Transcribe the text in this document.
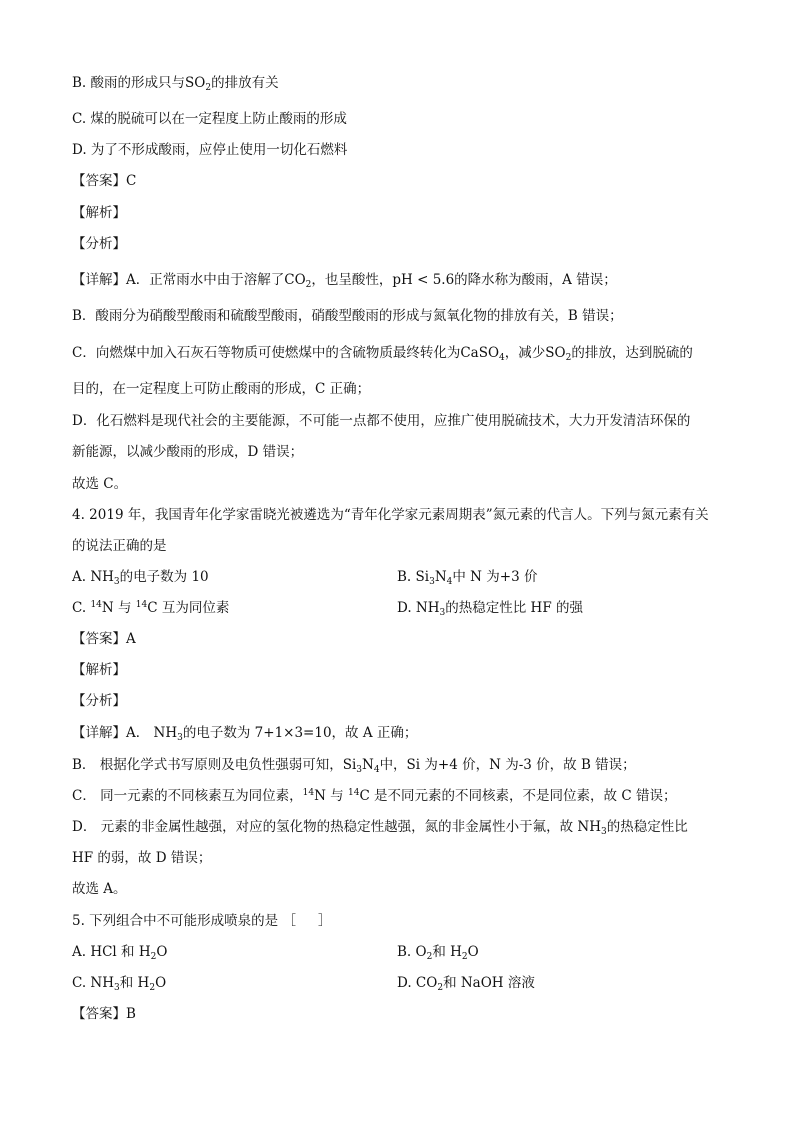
B. 酸雨的形成只与$SO_2$的排放有关
C. 煤的脱硫可以在一定程度上防止酸雨的形成
D. 为了不形成酸雨，应停止使用一切化石燃料
【答案】C
【解析】
【分析】
【详解】A．正常雨水中由于溶解了$CO_2$，也呈酸性，pH < 5.6的降水称为酸雨，A 错误；
B．酸雨分为硝酸型酸雨和硫酸型酸雨，硝酸型酸雨的形成与氮氧化物的排放有关，B 错误；
C．向燃煤中加入石灰石等物质可使燃煤中的含硫物质最终转化为CaSO$_4$，减少$SO_2$的排放，达到脱硫的
目的，在一定程度上可防止酸雨的形成，C 正确；
D．化石燃料是现代社会的主要能源，不可能一点都不使用，应推广使用脱硫技术，大力开发清洁环保的
新能源，以减少酸雨的形成，D 错误；
故选 C。
4. 2019 年，我国青年化学家雷晓光被遴选为“青年化学家元素周期表”氮元素的代言人。下列与氮元素有关
的说法正确的是
A. $NH_3$的电子数为 10	B. $Si_3N_4$中 N 为+3 价
C. $^{14}$N 与 $^{14}$C 互为同位素	D. $NH_3$的热稳定性比 HF 的强
【答案】A
【解析】
【分析】
【详解】A． $NH_3$的电子数为 7+1×3=10，故 A 正确；
B． 根据化学式书写原则及电负性强弱可知，$Si_3N_4$中，Si 为+4 价，N 为-3 价，故 B 错误；
C． 同一元素的不同核素互为同位素，$^{14}$N 与 $^{14}$C 是不同元素的不同核素，不是同位素，故 C 错误；
D． 元素的非金属性越强，对应的氢化物的热稳定性越强，氮的非金属性小于氟，故 $NH_3$的热稳定性比
HF 的弱，故 D 错误；
故选 A。
5. 下列组合中不可能形成喷泉的是 ［ ］
A. HCl 和 $H_2O$	B. $O_2$和 $H_2O$
C. $NH_3$和 $H_2O$	D. $CO_2$和 NaOH 溶液
【答案】B
